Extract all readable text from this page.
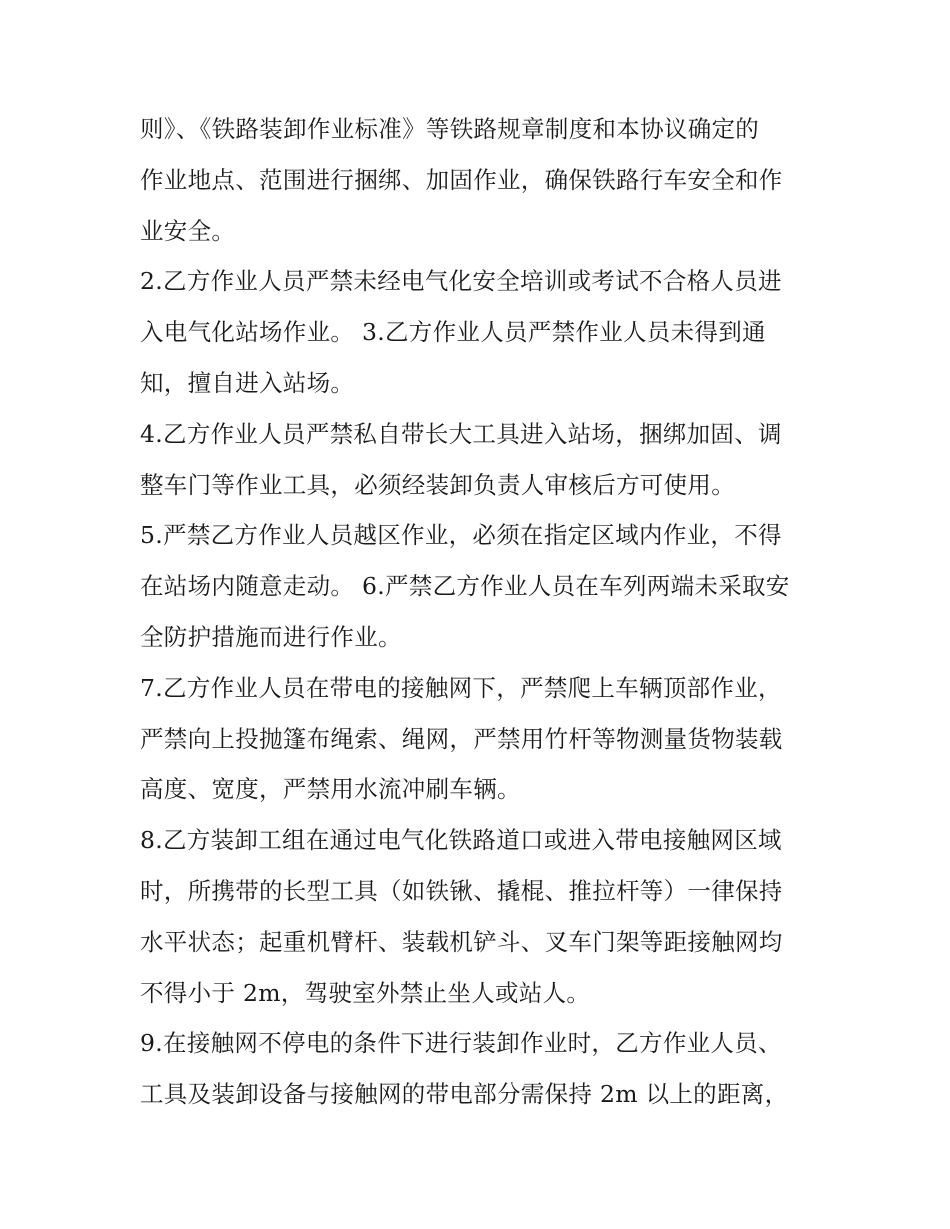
则》、《铁路装卸作业标准》等铁路规章制度和本协议确定的
作业地点、范围进行捆绑、加固作业，确保铁路行车安全和作
业安全。
2.乙方作业人员严禁未经电气化安全培训或考试不合格人员进
入电气化站场作业。 3.乙方作业人员严禁作业人员未得到通
知，擅自进入站场。
4.乙方作业人员严禁私自带长大工具进入站场，捆绑加固、调
整车门等作业工具，必须经装卸负责人审核后方可使用。
5.严禁乙方作业人员越区作业，必须在指定区域内作业，不得
在站场内随意走动。 6.严禁乙方作业人员在车列两端未采取安
全防护措施而进行作业。
7.乙方作业人员在带电的接触网下，严禁爬上车辆顶部作业，
严禁向上投抛篷布绳索、绳网，严禁用竹杆等物测量货物装载
高度、宽度，严禁用水流冲刷车辆。
8.乙方装卸工组在通过电气化铁路道口或进入带电接触网区域
时，所携带的长型工具（如铁锹、撬棍、推拉杆等）一律保持
水平状态；起重机臂杆、装载机铲斗、叉车门架等距接触网均
不得小于 2m，驾驶室外禁止坐人或站人。
9.在接触网不停电的条件下进行装卸作业时，乙方作业人员、
工具及装卸设备与接触网的带电部分需保持 2m 以上的距离，
